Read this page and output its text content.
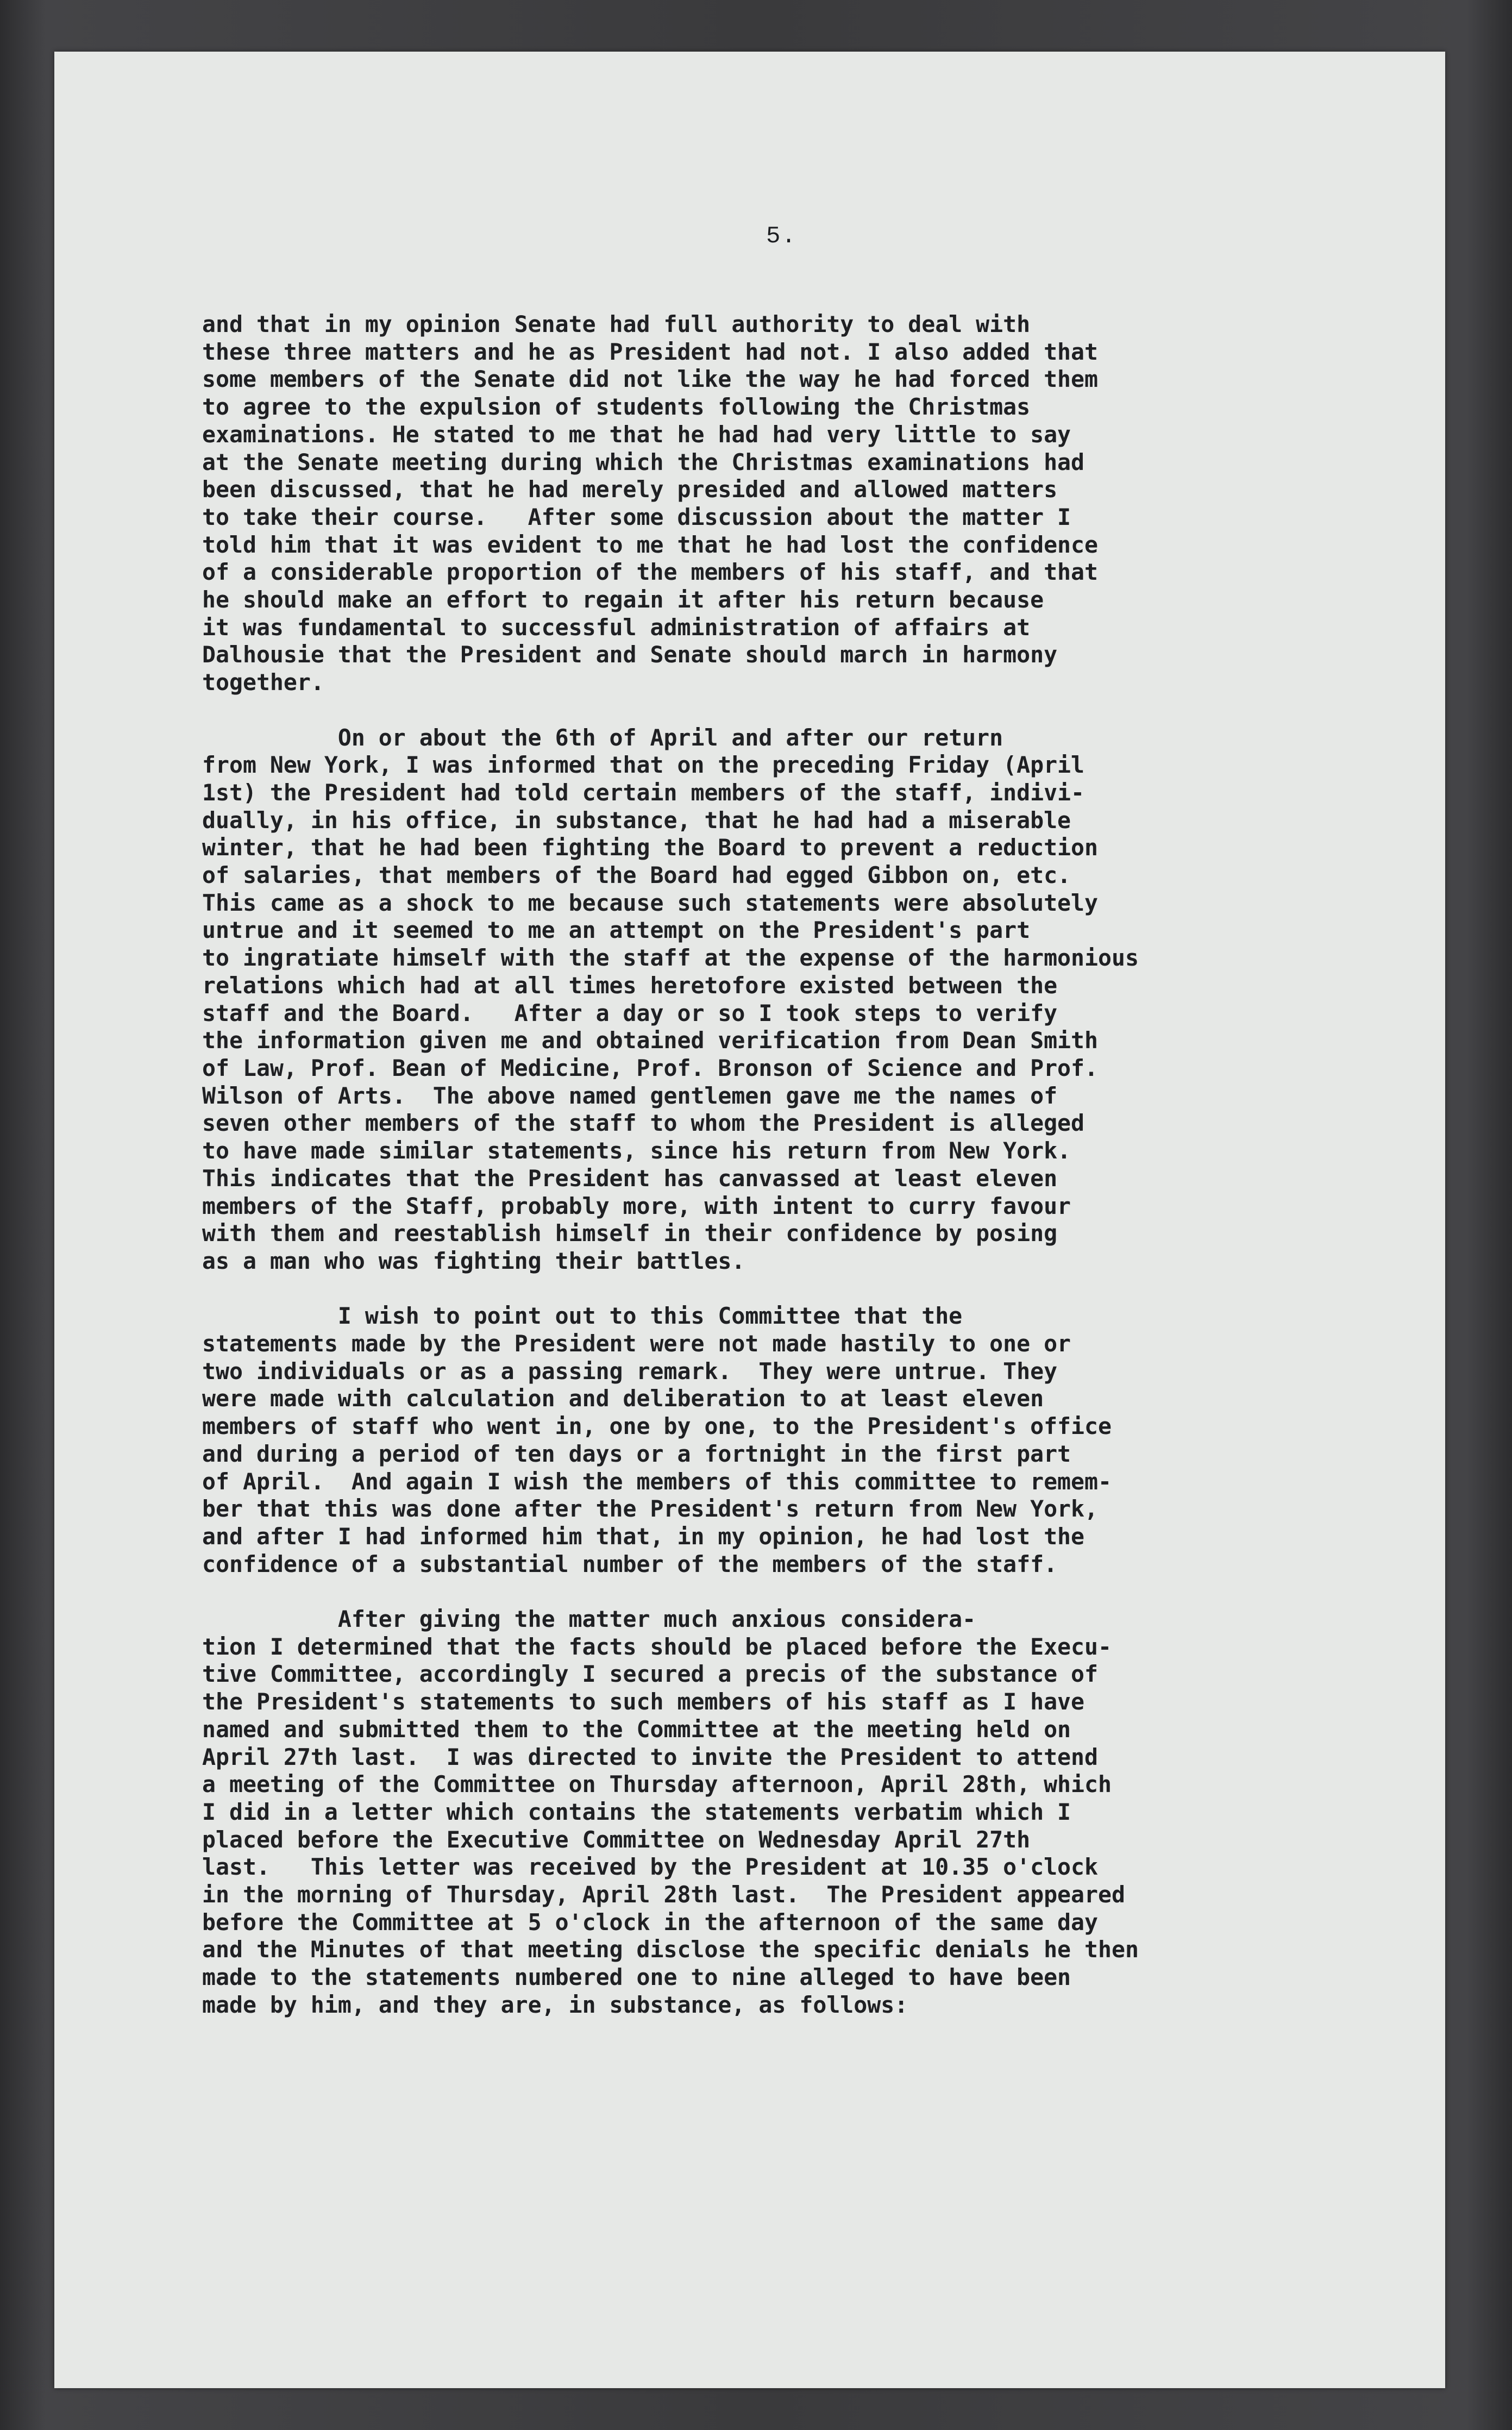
5.
and that in my opinion Senate had full authority to deal with
these three matters and he as President had not. I also added that
some members of the Senate did not like the way he had forced them
to agree to the expulsion of students following the Christmas
examinations. He stated to me that he had had very little to say
at the Senate meeting during which the Christmas examinations had
been discussed, that he had merely presided and allowed matters
to take their course.   After some discussion about the matter I
told him that it was evident to me that he had lost the confidence
of a considerable proportion of the members of his staff, and that
he should make an effort to regain it after his return because
it was fundamental to successful administration of affairs at
Dalhousie that the President and Senate should march in harmony
together.

On or about the 6th of April and after our return
from New York, I was informed that on the preceding Friday (April
1st) the President had told certain members of the staff, indivi-
dually, in his office, in substance, that he had had a miserable
winter, that he had been fighting the Board to prevent a reduction
of salaries, that members of the Board had egged Gibbon on, etc.
This came as a shock to me because such statements were absolutely
untrue and it seemed to me an attempt on the President's part
to ingratiate himself with the staff at the expense of the harmonious
relations which had at all times heretofore existed between the
staff and the Board.   After a day or so I took steps to verify
the information given me and obtained verification from Dean Smith
of Law, Prof. Bean of Medicine, Prof. Bronson of Science and Prof.
Wilson of Arts.  The above named gentlemen gave me the names of
seven other members of the staff to whom the President is alleged
to have made similar statements, since his return from New York.
This indicates that the President has canvassed at least eleven
members of the Staff, probably more, with intent to curry favour
with them and reestablish himself in their confidence by posing
as a man who was fighting their battles.

I wish to point out to this Committee that the
statements made by the President were not made hastily to one or
two individuals or as a passing remark.  They were untrue. They
were made with calculation and deliberation to at least eleven
members of staff who went in, one by one, to the President's office
and during a period of ten days or a fortnight in the first part
of April.  And again I wish the members of this committee to remem-
ber that this was done after the President's return from New York,
and after I had informed him that, in my opinion, he had lost the
confidence of a substantial number of the members of the staff.

After giving the matter much anxious considera-
tion I determined that the facts should be placed before the Execu-
tive Committee, accordingly I secured a precis of the substance of
the President's statements to such members of his staff as I have
named and submitted them to the Committee at the meeting held on
April 27th last.  I was directed to invite the President to attend
a meeting of the Committee on Thursday afternoon, April 28th, which
I did in a letter which contains the statements verbatim which I
placed before the Executive Committee on Wednesday April 27th
last.   This letter was received by the President at 10.35 o'clock
in the morning of Thursday, April 28th last.  The President appeared
before the Committee at 5 o'clock in the afternoon of the same day
and the Minutes of that meeting disclose the specific denials he then
made to the statements numbered one to nine alleged to have been
made by him, and they are, in substance, as follows:
